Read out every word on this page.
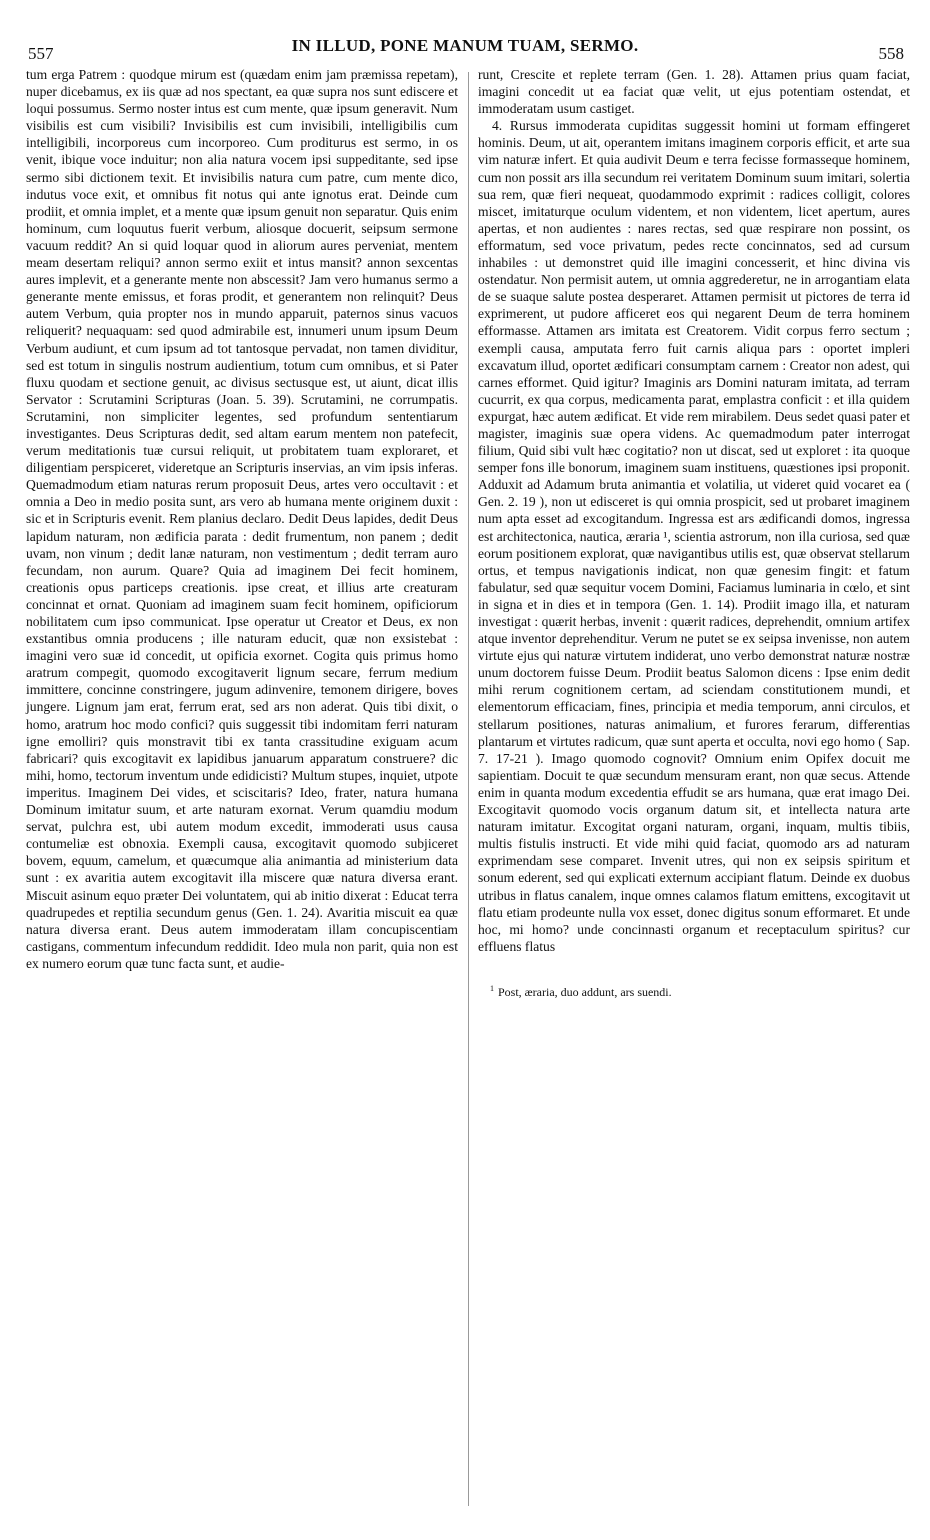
557	IN ILLUD, PONE MANUM TUAM, SERMO.	558

tum erga Patrem : quodque mirum est (quædam enim jam præmissa repetam), nuper dicebamus, ex iis quæ ad nos spectant, ea quæ supra nos sunt ediscere et loqui possumus. Sermo noster intus est cum mente, quæ ipsum generavit. Num visibilis est cum visibili? Invisibilis est cum invisibili, intelligibilis cum intelligibili, incorporeus cum incorporeo. Cum proditurus est sermo, in os venit, ibique voce induitur; non alia natura vocem ipsi suppeditante, sed ipse sermo sibi dictionem texit. Et invisibilis natura cum patre, cum mente dico, indutus voce exit, et omnibus fit notus qui ante ignotus erat. Deinde cum prodiit, et omnia implet, et a mente quæ ipsum genuit non separatur. Quis enim hominum, cum loquutus fuerit verbum, aliosque docuerit, seipsum sermone vacuum reddit? An si quid loquar quod in aliorum aures perveniat, mentem meam desertam reliqui? annon sermo exiit et intus mansit? annon sexcentas aures implevit, et a generante mente non abscessit? Jam vero humanus sermo a generante mente emissus, et foras prodit, et generantem non relinquit? Deus autem Verbum, quia propter nos in mundo apparuit, paternos sinus vacuos reliquerit? nequaquam: sed quod admirabile est, innumeri unum ipsum Deum Verbum audiunt, et cum ipsum ad tot tantosque pervadat, non tamen dividitur, sed est totum in singulis nostrum audientium, totum cum omnibus, et si Pater fluxu quodam et sectione genuit, ac divisus sectusque est, ut aiunt, dicat illis Servator : Scrutamini Scripturas (Joan. 5. 39). Scrutamini, ne corrumpatis. Scrutamini, non simpliciter legentes, sed profundum sententiarum investigantes. Deus Scripturas dedit, sed altam earum mentem non patefecit, verum meditationis tuæ cursui reliquit, ut probitatem tuam exploraret, et diligentiam perspiceret, videretque an Scripturis inservias, an vim ipsis inferas. Quemadmodum etiam naturas rerum proposuit Deus, artes vero occultavit : et omnia a Deo in medio posita sunt, ars vero ab humana mente originem duxit : sic et in Scripturis evenit. Rem planius declaro. Dedit Deus lapides, dedit Deus lapidum naturam, non ædificia parata : dedit frumentum, non panem ; dedit uvam, non vinum ; dedit lanæ naturam, non vestimentum ; dedit terram auro fecundam, non aurum. Quare? Quia ad imaginem Dei fecit hominem, creationis opus particeps creationis. ipse creat, et illius arte creaturam concinnat et ornat. Quoniam ad imaginem suam fecit hominem, opificiorum nobilitatem cum ipso communicat. Ipse operatur ut Creator et Deus, ex non exstantibus omnia producens ; ille naturam educit, quæ non exsistebat : imagini vero suæ id concedit, ut opificia exornet. Cogita quis primus homo aratrum compegit, quomodo excogitaverit lignum secare, ferrum medium immittere, concinne constringere, jugum adinvenire, temonem dirigere, boves jungere. Lignum jam erat, ferrum erat, sed ars non aderat. Quis tibi dixit, o homo, aratrum hoc modo confici? quis suggessit tibi indomitam ferri naturam igne emolliri? quis monstravit tibi ex tanta crassitudine exiguam acum fabricari? quis excogitavit ex lapidibus januarum apparatum construere? dic mihi, homo, tectorum inventum unde edidicisti? Multum stupes, inquiet, utpote imperitus. Imaginem Dei vides, et sciscitaris? Ideo, frater, natura humana Dominum imitatur suum, et arte naturam exornat. Verum quamdiu modum servat, pulchra est, ubi autem modum excedit, immoderati usus causa contumeliæ est obnoxia. Exempli causa, excogitavit quomodo subjiceret bovem, equum, camelum, et quæcumque alia animantia ad ministerium data sunt : ex avaritia autem excogitavit illa miscere quæ natura diversa erant. Miscuit asinum equo præter Dei voluntatem, qui ab initio dixerat : Educat terra quadrupedes et reptilia secundum genus (Gen. 1. 24). Avaritia miscuit ea quæ natura diversa erant. Deus autem immoderatam illam concupiscentiam castigans, commentum infecundum reddidit. Ideo mula non parit, quia non est ex numero eorum quæ tunc facta sunt, et audie-

runt, Crescite et replete terram (Gen. 1. 28). Attamen prius quam faciat, imagini concedit ut ea faciat quæ velit, ut ejus potentiam ostendat, et immoderatam usum castiget.

4. Rursus immoderata cupiditas suggessit homini ut formam effingeret hominis. Deum, ut ait, operantem imitans imaginem corporis efficit, et arte sua vim naturæ infert. Et quia audivit Deum e terra fecisse formasseque hominem, cum non possit ars illa secundum rei veritatem Dominum suum imitari, solertia sua rem, quæ fieri nequeat, quodammodo exprimit : radices colligit, colores miscet, imitaturque oculum videntem, et non videntem, licet apertum, aures apertas, et non audientes : nares rectas, sed quæ respirare non possint, os efformatum, sed voce privatum, pedes recte concinnatos, sed ad cursum inhabiles : ut demonstret quid ille imagini concesserit, et hinc divina vis ostendatur. Non permisit autem, ut omnia aggrederetur, ne in arrogantiam elata de se suaque salute postea desperaret. Attamen permisit ut pictores de terra id exprimerent, ut pudore afficeret eos qui negarent Deum de terra hominem efformasse. Attamen ars imitata est Creatorem. Vidit corpus ferro sectum ; exempli causa, amputata ferro fuit carnis aliqua pars : oportet impleri excavatum illud, oportet ædificari consumptam carnem : Creator non adest, qui carnes efformet. Quid igitur? Imaginis ars Domini naturam imitata, ad terram cucurrit, ex qua corpus, medicamenta parat, emplastra conficit : et illa quidem expurgat, hæc autem ædificat. Et vide rem mirabilem. Deus sedet quasi pater et magister, imaginis suæ opera videns. Ac quemadmodum pater interrogat filium, Quid sibi vult hæc cogitatio? non ut discat, sed ut exploret : ita quoque semper fons ille bonorum, imaginem suam instituens, quæstiones ipsi proponit. Adduxit ad Adamum bruta animantia et volatilia, ut videret quid vocaret ea ( Gen. 2. 19 ), non ut edisceret is qui omnia prospicit, sed ut probaret imaginem num apta esset ad excogitandum. Ingressa est ars ædificandi domos, ingressa est architectonica, nautica, æraria ¹, scientia astrorum, non illa curiosa, sed quæ eorum positionem explorat, quæ navigantibus utilis est, quæ observat stellarum ortus, et tempus navigationis indicat, non quæ genesim fingit: et fatum fabulatur, sed quæ sequitur vocem Domini, Faciamus luminaria in cœlo, et sint in signa et in dies et in tempora (Gen. 1. 14). Prodiit imago illa, et naturam investigat : quærit herbas, invenit : quærit radices, deprehendit, omnium artifex atque inventor deprehenditur. Verum ne putet se ex seipsa invenisse, non autem virtute ejus qui naturæ virtutem indiderat, uno verbo demonstrat naturæ nostræ unum doctorem fuisse Deum. Prodiit beatus Salomon dicens : Ipse enim dedit mihi rerum cognitionem certam, ad sciendam constitutionem mundi, et elementorum efficaciam, fines, principia et media temporum, anni circulos, et stellarum positiones, naturas animalium, et furores ferarum, differentias plantarum et virtutes radicum, quæ sunt aperta et occulta, novi ego homo ( Sap. 7. 17-21 ). Imago quomodo cognovit? Omnium enim Opifex docuit me sapientiam. Docuit te quæ secundum mensuram erant, non quæ secus. Attende enim in quanta modum excedentia effudit se ars humana, quæ erat imago Dei. Excogitavit quomodo vocis organum datum sit, et intellecta natura arte naturam imitatur. Excogitat organi naturam, organi, inquam, multis tibiis, multis fistulis instructi. Et vide mihi quid faciat, quomodo ars ad naturam exprimendam sese comparet. Invenit utres, qui non ex seipsis spiritum et sonum ederent, sed qui explicati externum accipiant flatum. Deinde ex duobus utribus in flatus canalem, inque omnes calamos flatum emittens, excogitavit ut flatu etiam prodeunte nulla vox esset, donec digitus sonum efformaret. Et unde hoc, mi homo? unde concinnasti organum et receptaculum spiritus? cur effluens flatus

$^1$ Post, æraria, duo addunt, ars suendi.
